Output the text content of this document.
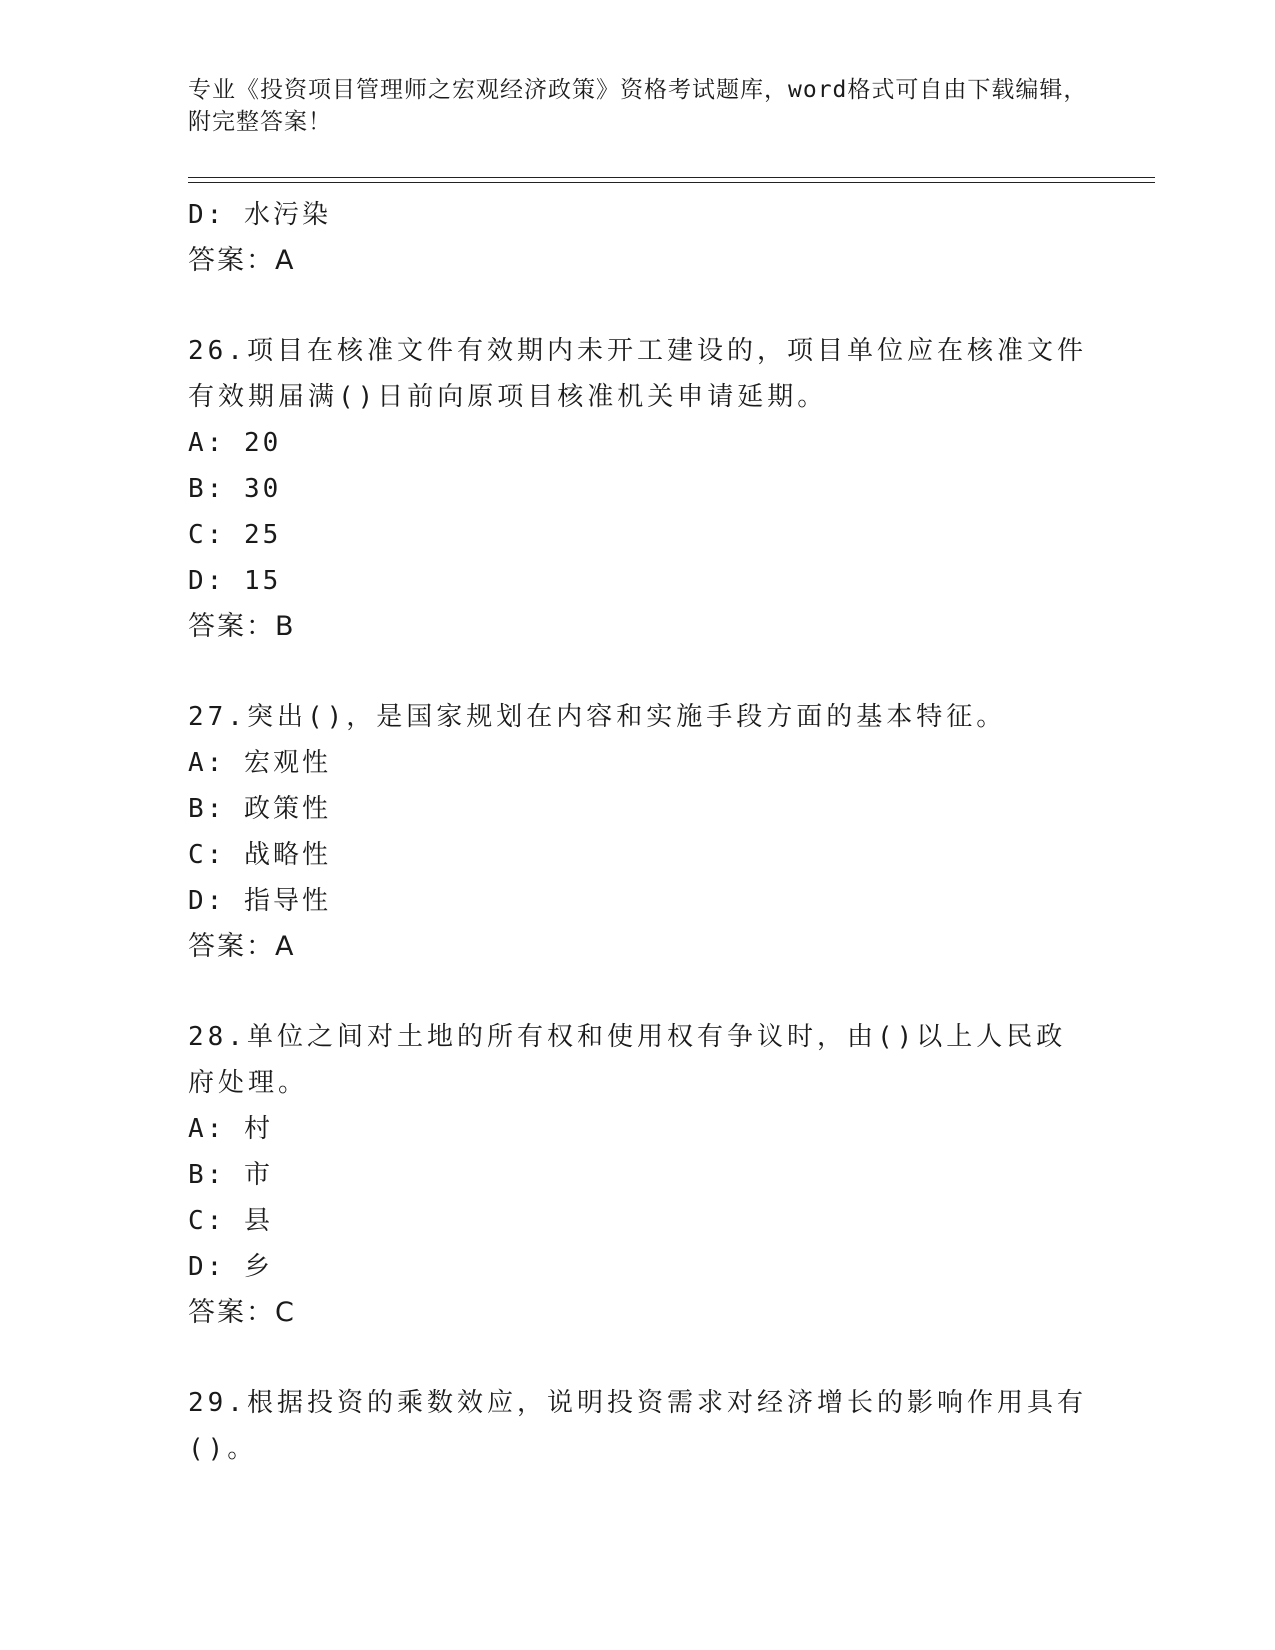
专业《投资项目管理师之宏观经济政策》资格考试题库，word格式可自由下载编辑，附完整答案！
D: 水污染
答案：A
26.项目在核准文件有效期内未开工建设的，项目单位应在核准文件有效期届满()日前向原项目核准机关申请延期。
A: 20
B: 30
C: 25
D: 15
答案：B
27.突出()，是国家规划在内容和实施手段方面的基本特征。
A: 宏观性
B: 政策性
C: 战略性
D: 指导性
答案：A
28.单位之间对土地的所有权和使用权有争议时，由()以上人民政府处理。
A: 村
B: 市
C: 县
D: 乡
答案：C
29.根据投资的乘数效应，说明投资需求对经济增长的影响作用具有()。
